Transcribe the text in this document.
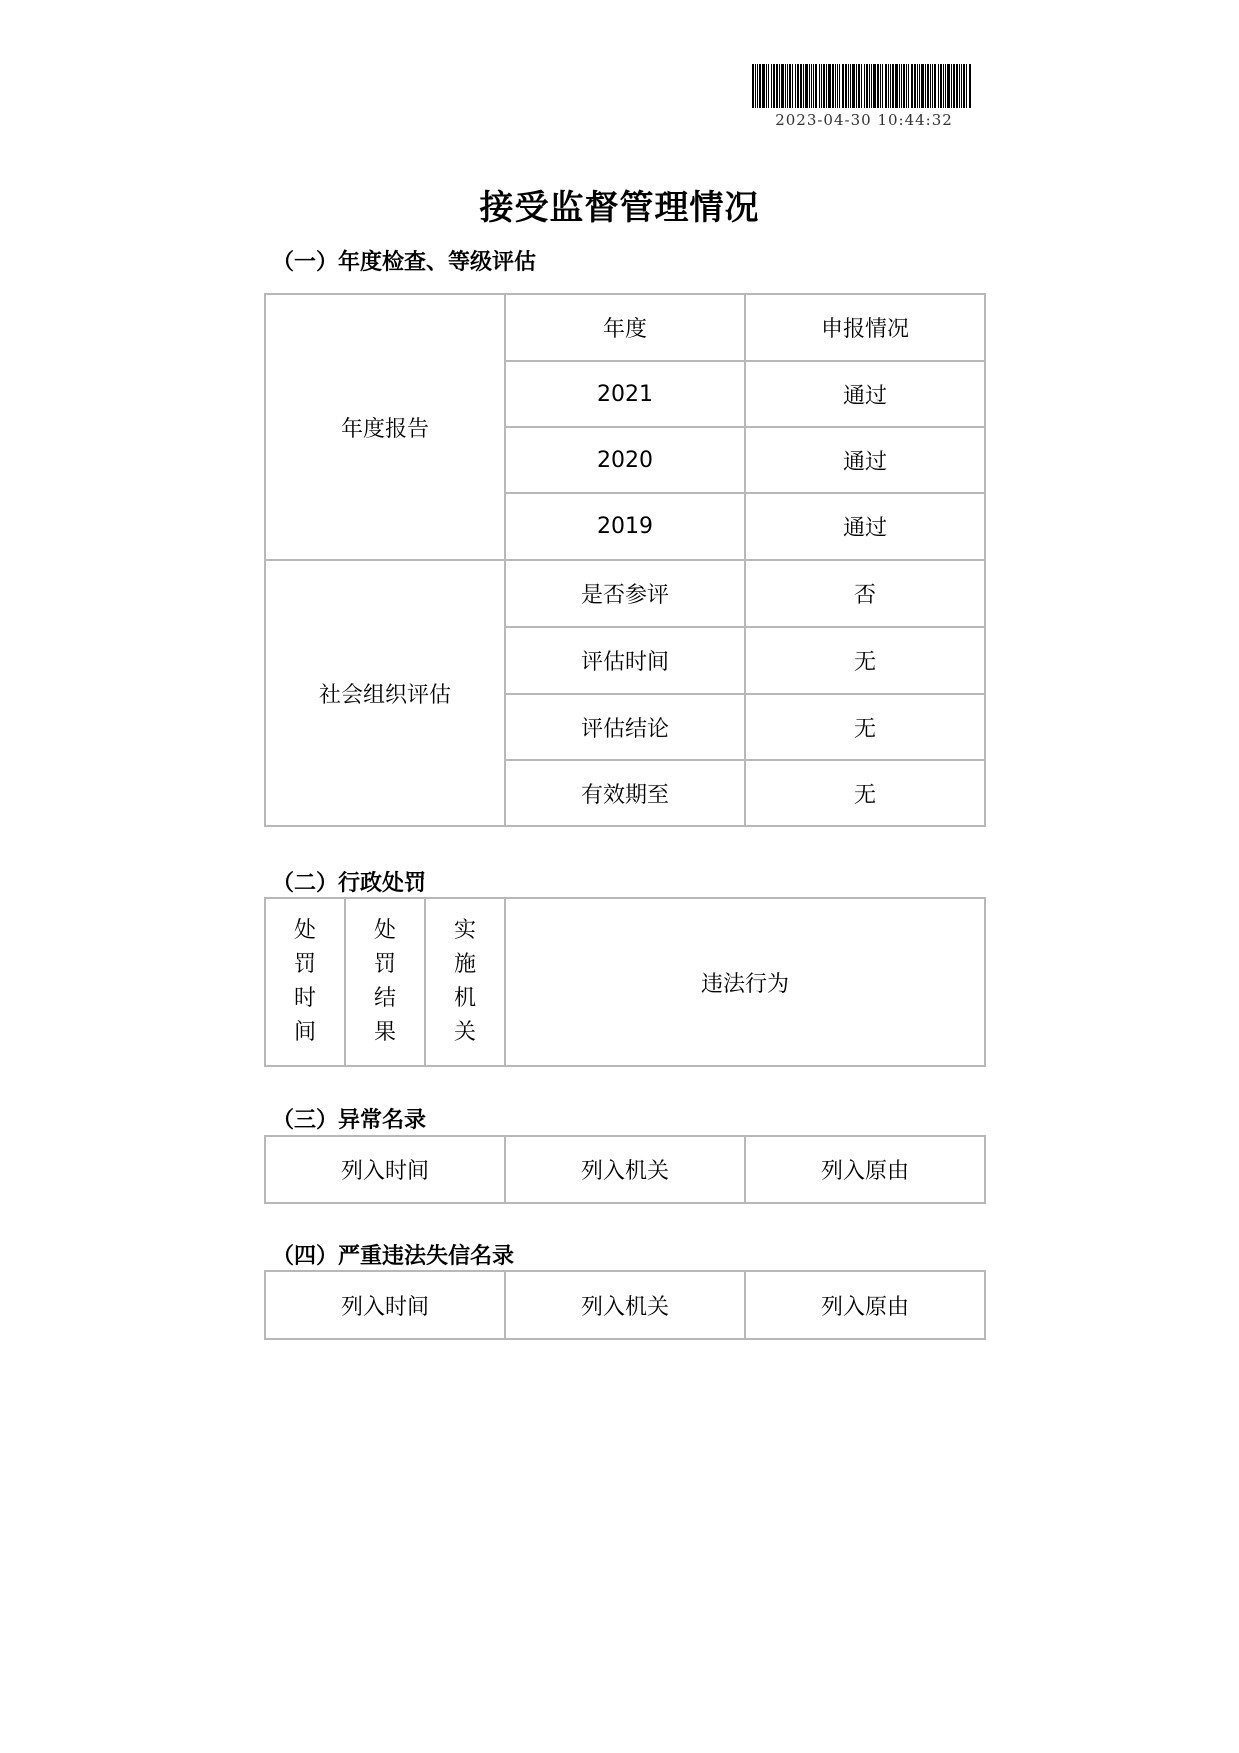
2023-04-30 10:44:32
接受监督管理情况
（一）年度检查、等级评估
年度报告	年度	申报情况
	2021	通过
	2020	通过
	2019	通过
社会组织评估	是否参评	否
	评估时间	无
	评估结论	无
	有效期至	无
（二）行政处罚
处罚时间	处罚结果	实施机关	违法行为
（三）异常名录
列入时间	列入机关	列入原由
（四）严重违法失信名录
列入时间	列入机关	列入原由
